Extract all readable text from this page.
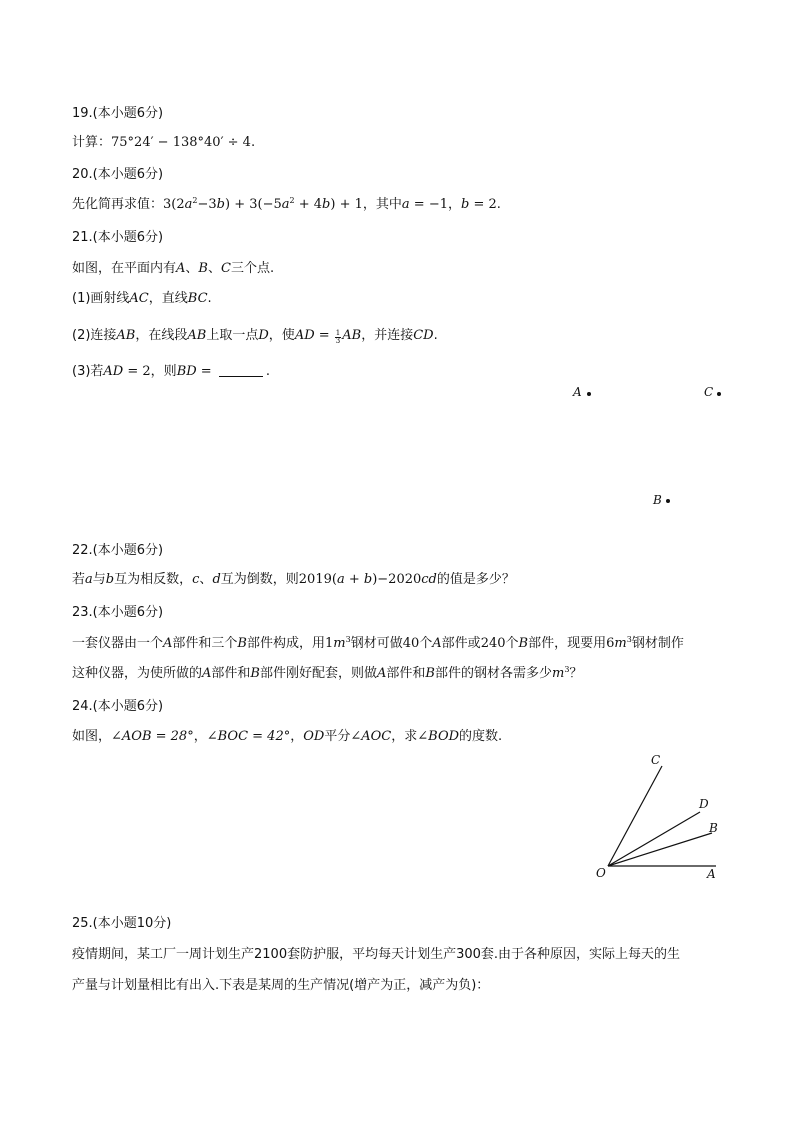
19.(本小题6分)
计算：75°24′ − 138°40′ ÷ 4.
20.(本小题6分)
先化简再求值：$3(2a^2-3b) + 3(-5a^2 + 4b) + 1$，其中a = −1，b = 2.
21.(本小题6分)
如图，在平面内有A、B、C三个点.
(1)画射线AC，直线BC.
(2)连接AB，在线段AB上取一点D，使AD = $\frac{1}{3}$ AB，并连接CD.
(3)若AD = 2，则BD =	.
A	C
B
22.(本小题6分)
若a与b互为相反数，c、d互为倒数，则2019(a + b)−2020cd的值是多少？
23.(本小题6分)
一套仪器由一个A部件和三个B部件构成，用$1m^3$钢材可做40个A部件或240个B部件，现要用$6m^3$钢材制作
这种仪器，为使所做的A部件和B部件刚好配套，则做A部件和B部件的钢材各需多少$m^3$？
24.(本小题6分)
如图，∠AOB = 28°，∠BOC = 42°，OD平分∠AOC，求∠BOD的度数.
C
D
B
O	A
25.(本小题10分)
疫情期间，某工厂一周计划生产2100套防护服，平均每天计划生产300套.由于各种原因，实际上每天的生
产量与计划量相比有出入.下表是某周的生产情况(增产为正，减产为负)：
